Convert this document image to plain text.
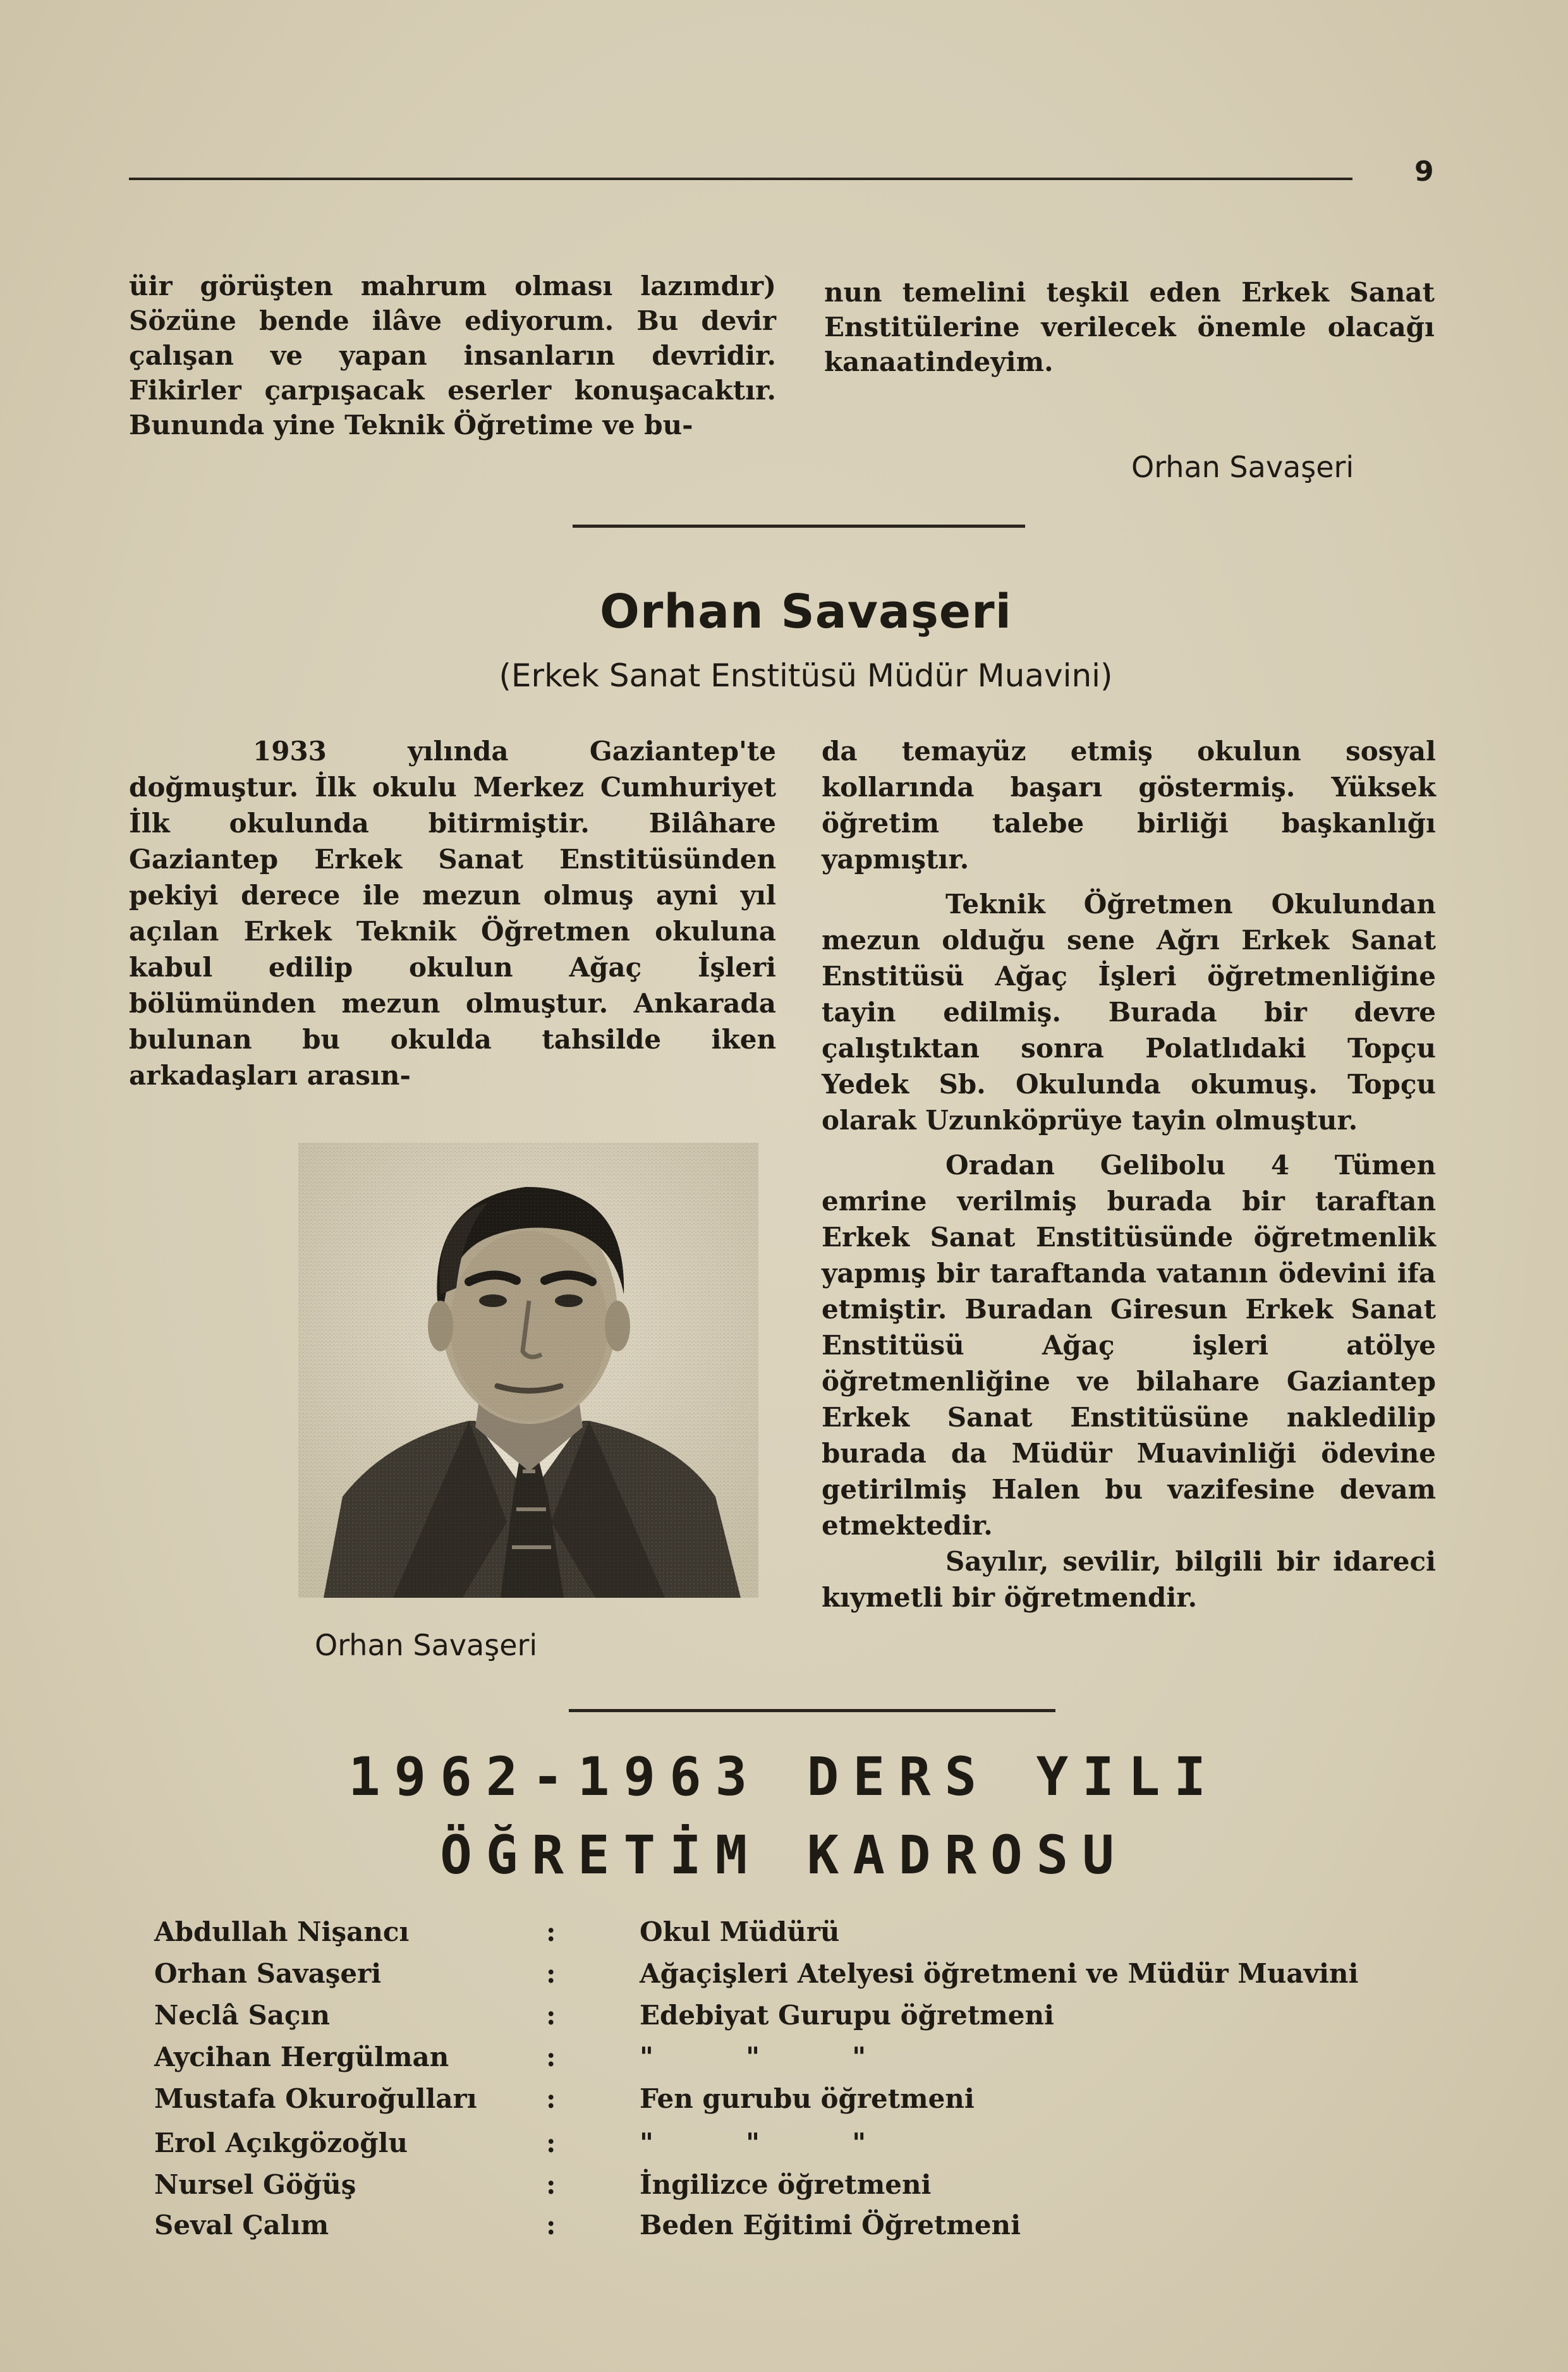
9

üir görüşten mahrum olması lazımdır) Sözüne bende ilâve ediyorum. Bu devir çalışan ve yapan insanların devridir. Fikirler çarpışacak eserler konuşacaktır. Bununda yine Teknik Öğretime ve bu-

nun temelini teşkil eden Erkek Sanat Enstitülerine verilecek önemle olacağı kanaatindeyim.

Orhan Savaşeri
Orhan Savaşeri
(Erkek Sanat Enstitüsü Müdür Muavini)

1933 yılında Gaziantep'te doğmuştur. İlk okulu Merkez Cumhuriyet İlk okulunda bitirmiştir. Bilâhare Gaziantep Erkek Sanat Enstitüsünden pekiyi derece ile mezun olmuş ayni yıl açılan Erkek Teknik Öğretmen okuluna kabul edilip okulun Ağaç İşleri bölümünden mezun olmuştur. Ankarada bulunan bu okulda tahsilde iken arkadaşları arasın-

Orhan Savaşeri

da temayüz etmiş okulun sosyal kollarında başarı göstermiş. Yüksek öğretim talebe birliği başkanlığı yapmıştır.

Teknik Öğretmen Okulundan mezun olduğu sene Ağrı Erkek Sanat Enstitüsü Ağaç İşleri öğretmenliğine tayin edilmiş. Burada bir devre çalıştıktan sonra Polatlıdaki Topçu Yedek Sb. Okulunda okumuş. Topçu olarak Uzunköprüye tayin olmuştur.

Oradan Gelibolu 4 Tümen emrine verilmiş burada bir taraftan Erkek Sanat Enstitüsünde öğretmenlik yapmış bir taraftanda vatanın ödevini ifa etmiştir. Buradan Giresun Erkek Sanat Enstitüsü Ağaç işleri atölye öğretmenliğine ve bilahare Gaziantep Erkek Sanat Enstitüsüne nakledilip burada da Müdür Muavinliği ödevine getirilmiş Halen bu vazifesine devam etmektedir.

Sayılır, sevilir, bilgili bir idareci kıymetli bir öğretmendir.

1962-1963 DERS YILI
ÖĞRETİM KADROSU
Abdullah Nişancı	:	Okul Müdürü
Orhan Savaşeri	:	Ağaçişleri Atelyesi öğretmeni ve Müdür Muavini
Neclâ Saçın	:	Edebiyat Gurupu öğretmeni
Aycihan Hergülman	:	"          "          "
Mustafa Okuroğulları	:	Fen gurubu öğretmeni
Erol Açıkgözoğlu	:	"          "          "
Nursel Göğüş	:	İngilizce öğretmeni
Seval Çalım	:	Beden Eğitimi Öğretmeni
